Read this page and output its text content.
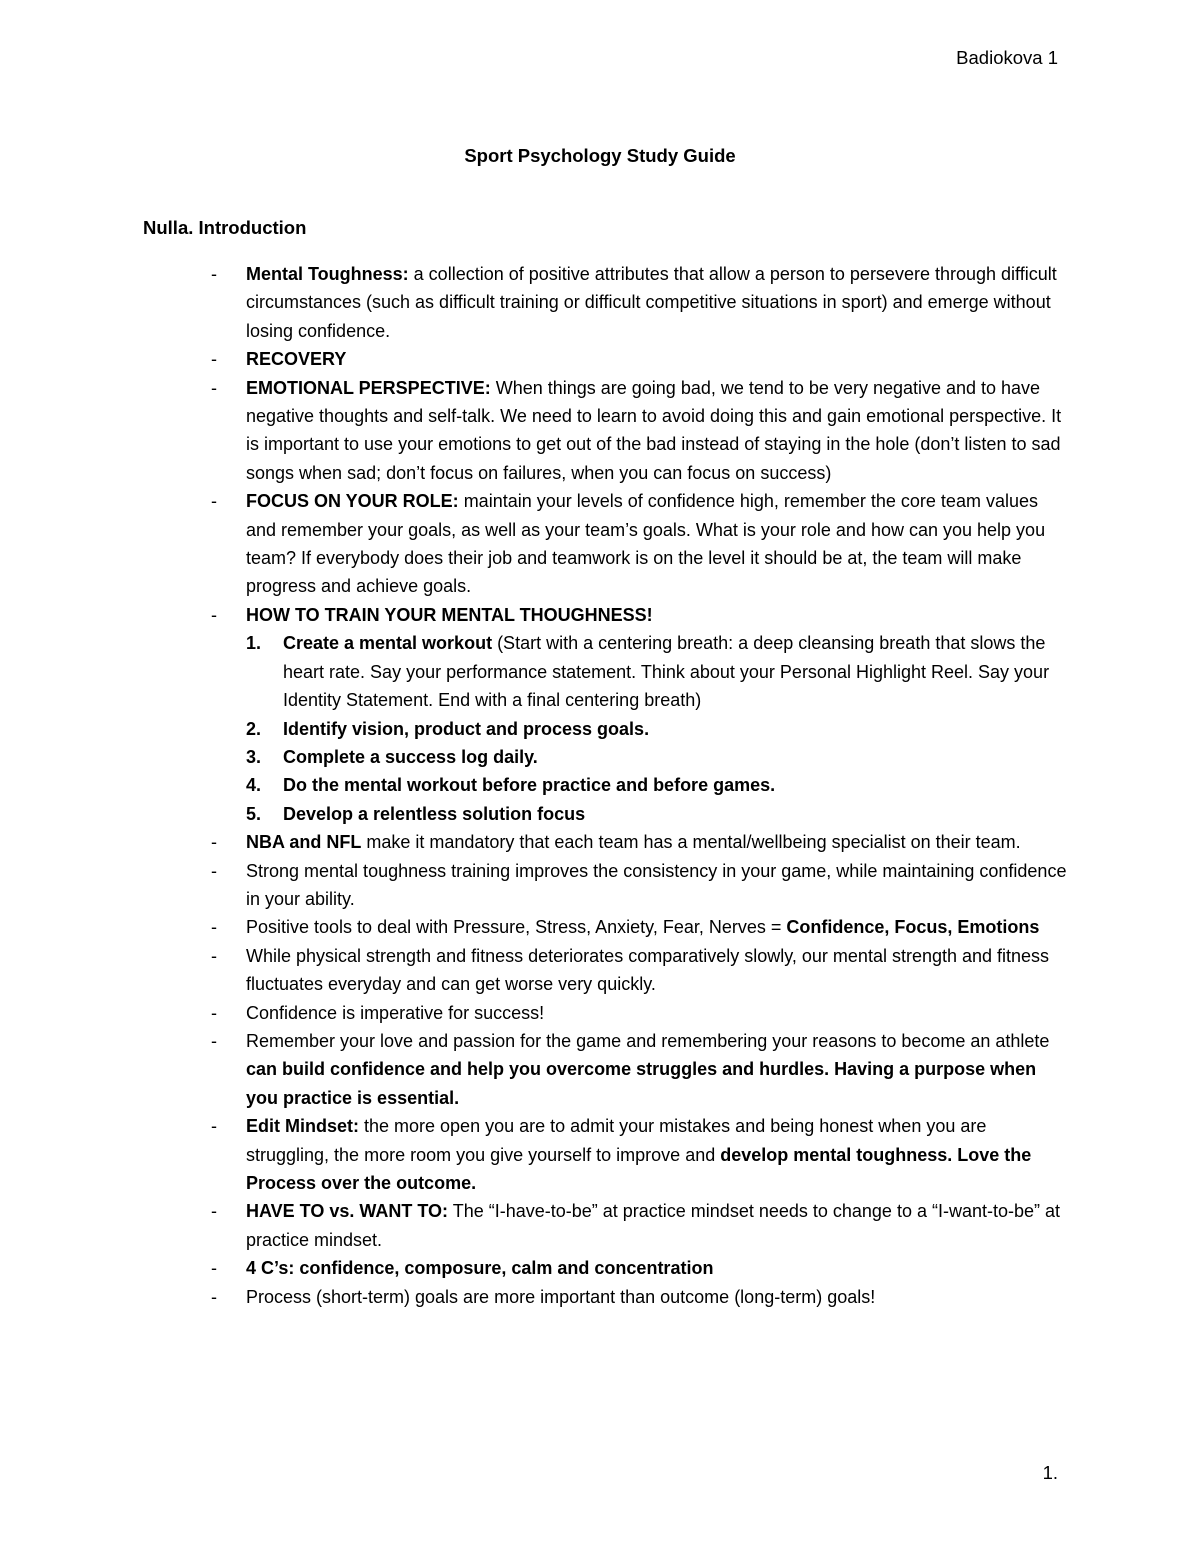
Badiokova 1
Sport Psychology Study Guide
Nulla. Introduction
- Mental Toughness: a collection of positive attributes that allow a person to persevere through difficult circumstances (such as difficult training or difficult competitive situations in sport) and emerge without losing confidence.
- RECOVERY
- EMOTIONAL PERSPECTIVE: When things are going bad, we tend to be very negative and to have negative thoughts and self-talk. We need to learn to avoid doing this and gain emotional perspective. It is important to use your emotions to get out of the bad instead of staying in the hole (don’t listen to sad songs when sad; don’t focus on failures, when you can focus on success)
- FOCUS ON YOUR ROLE: maintain your levels of confidence high, remember the core team values and remember your goals, as well as your team’s goals. What is your role and how can you help you team? If everybody does their job and teamwork is on the level it should be at, the team will make progress and achieve goals.
- HOW TO TRAIN YOUR MENTAL THOUGHNESS!
1. Create a mental workout (Start with a centering breath: a deep cleansing breath that slows the heart rate. Say your performance statement. Think about your Personal Highlight Reel. Say your Identity Statement. End with a final centering breath)
2. Identify vision, product and process goals.
3. Complete a success log daily.
4. Do the mental workout before practice and before games.
5. Develop a relentless solution focus
- NBA and NFL make it mandatory that each team has a mental/wellbeing specialist on their team.
- Strong mental toughness training improves the consistency in your game, while maintaining confidence in your ability.
- Positive tools to deal with Pressure, Stress, Anxiety, Fear, Nerves = Confidence, Focus, Emotions
- While physical strength and fitness deteriorates comparatively slowly, our mental strength and fitness fluctuates everyday and can get worse very quickly.
- Confidence is imperative for success!
- Remember your love and passion for the game and remembering your reasons to become an athlete can build confidence and help you overcome struggles and hurdles. Having a purpose when you practice is essential.
- Edit Mindset: the more open you are to admit your mistakes and being honest when you are struggling, the more room you give yourself to improve and develop mental toughness. Love the Process over the outcome.
- HAVE TO vs. WANT TO: The “I-have-to-be” at practice mindset needs to change to a “I-want-to-be” at practice mindset.
- 4 C’s: confidence, composure, calm and concentration
- Process (short-term) goals are more important than outcome (long-term) goals!
1.
